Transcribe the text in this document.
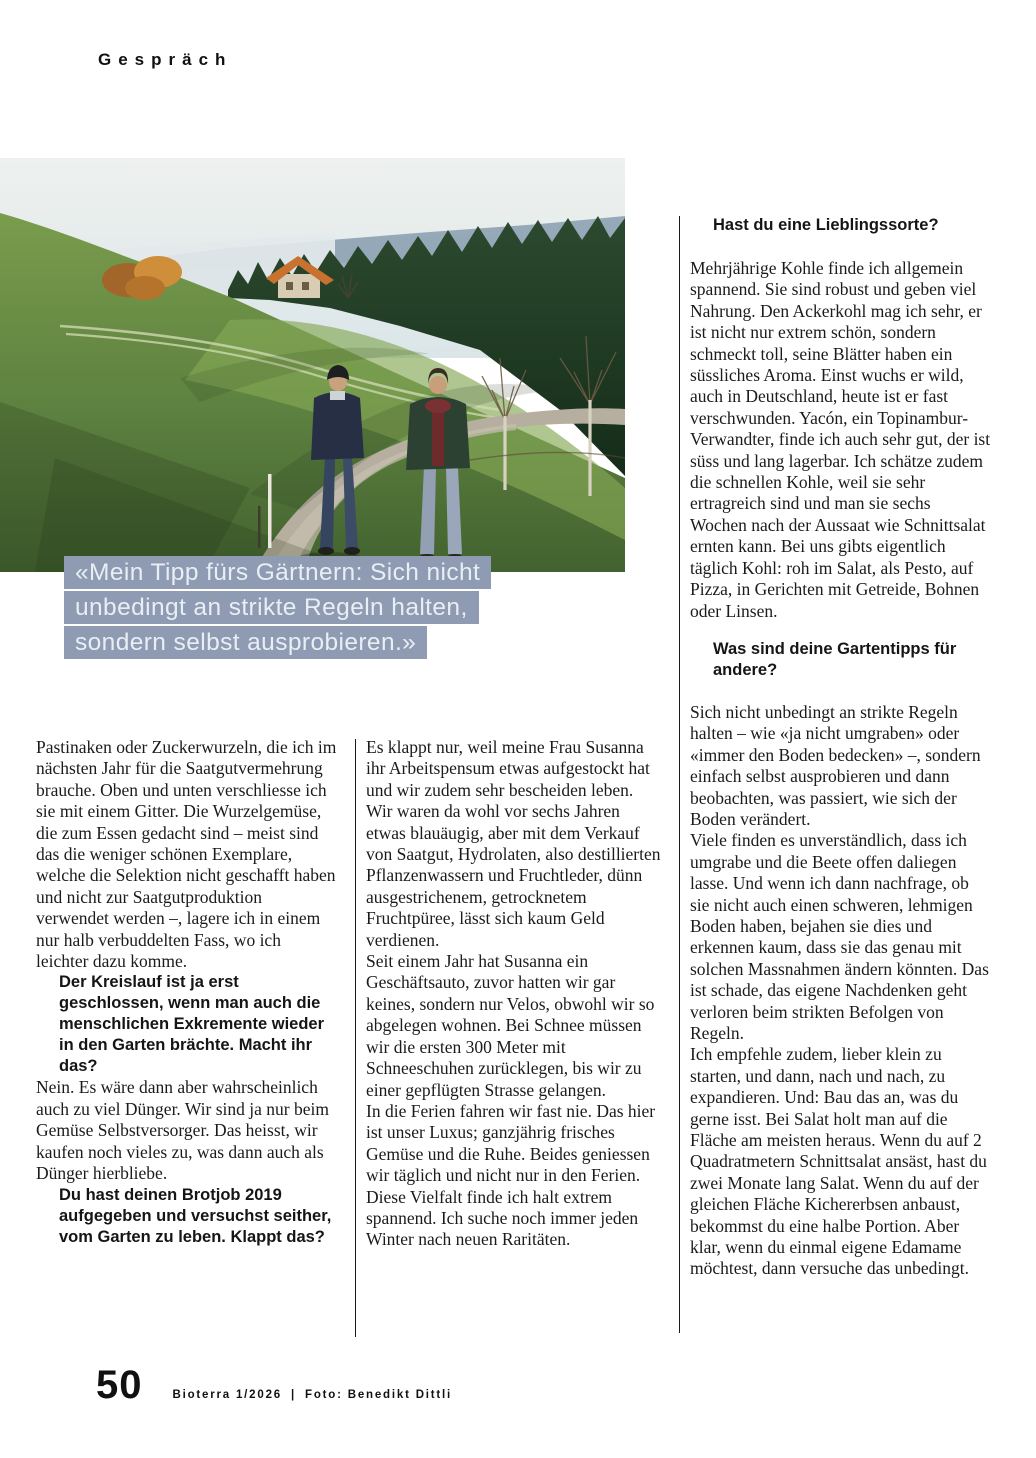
Gespräch
«Mein Tipp fürs Gärtnern: Sich nicht
unbedingt an strikte Regeln halten,
sondern selbst ausprobieren.»

Pastinaken oder Zuckerwurzeln, die ich im nächsten Jahr für die Saatgutvermehrung brauche. Oben und unten verschliesse ich sie mit einem Gitter. Die Wurzelgemüse, die zum Essen gedacht sind – meist sind das die weniger schönen Exemplare, welche die Selektion nicht geschafft haben und nicht zur Saatgutproduktion verwendet werden –, lagere ich in einem nur halb verbuddelten Fass, wo ich leichter dazu komme.

Der Kreislauf ist ja erst geschlossen, wenn man auch die menschlichen Exkremente wieder in den Garten brächte. Macht ihr das?

Nein. Es wäre dann aber wahrscheinlich auch zu viel Dünger. Wir sind ja nur beim Gemüse Selbstversorger. Das heisst, wir kaufen noch vieles zu, was dann auch als Dünger hierbliebe.

Du hast deinen Brotjob 2019 aufgegeben und versuchst seither, vom Garten zu leben. Klappt das?

Es klappt nur, weil meine Frau Susanna ihr Arbeitspensum etwas aufgestockt hat und wir zudem sehr bescheiden leben. Wir waren da wohl vor sechs Jahren etwas blauäugig, aber mit dem Verkauf von Saatgut, Hydrolaten, also destillierten Pflanzenwassern und Fruchtleder, dünn ausgestrichenem, getrocknetem Fruchtpüree, lässt sich kaum Geld verdienen.

Seit einem Jahr hat Susanna ein Geschäftsauto, zuvor hatten wir gar keines, sondern nur Velos, obwohl wir so abgelegen wohnen. Bei Schnee müssen wir die ersten 300 Meter mit Schneeschuhen zurücklegen, bis wir zu einer gepflügten Strasse gelangen.

In die Ferien fahren wir fast nie. Das hier ist unser Luxus; ganzjährig frisches Gemüse und die Ruhe. Beides geniessen wir täglich und nicht nur in den Ferien. Diese Vielfalt finde ich halt extrem spannend. Ich suche noch immer jeden Winter nach neuen Raritäten.

Hast du eine Lieblingssorte?

Mehrjährige Kohle finde ich allgemein spannend. Sie sind robust und geben viel Nahrung. Den Ackerkohl mag ich sehr, er ist nicht nur extrem schön, sondern schmeckt toll, seine Blätter haben ein süssliches Aroma. Einst wuchs er wild, auch in Deutschland, heute ist er fast verschwunden. Yacón, ein Topinambur-Verwandter, finde ich auch sehr gut, der ist süss und lang lagerbar. Ich schätze zudem die schnellen Kohle, weil sie sehr ertragreich sind und man sie sechs Wochen nach der Aussaat wie Schnittsalat ernten kann. Bei uns gibts eigentlich täglich Kohl: roh im Salat, als Pesto, auf Pizza, in Gerichten mit Getreide, Bohnen oder Linsen.

Was sind deine Gartentipps für andere?

Sich nicht unbedingt an strikte Regeln halten – wie «ja nicht umgraben» oder «immer den Boden bedecken» –, sondern einfach selbst ausprobieren und dann beobachten, was passiert, wie sich der Boden verändert.

Viele finden es unverständlich, dass ich umgrabe und die Beete offen daliegen lasse. Und wenn ich dann nachfrage, ob sie nicht auch einen schweren, lehmigen Boden haben, bejahen sie dies und erkennen kaum, dass sie das genau mit solchen Massnahmen ändern könnten. Das ist schade, das eigene Nachdenken geht verloren beim strikten Befolgen von Regeln.

Ich empfehle zudem, lieber klein zu starten, und dann, nach und nach, zu expandieren. Und: Bau das an, was du gerne isst. Bei Salat holt man auf die Fläche am meisten heraus. Wenn du auf 2 Quadratmetern Schnittsalat ansäst, hast du zwei Monate lang Salat. Wenn du auf der gleichen Fläche Kichererbsen anbaust, bekommst du eine halbe Portion. Aber klar, wenn du einmal eigene Edamame möchtest, dann versuche das unbedingt.

50	Bioterra 1/2026 | Foto: Benedikt Dittli
